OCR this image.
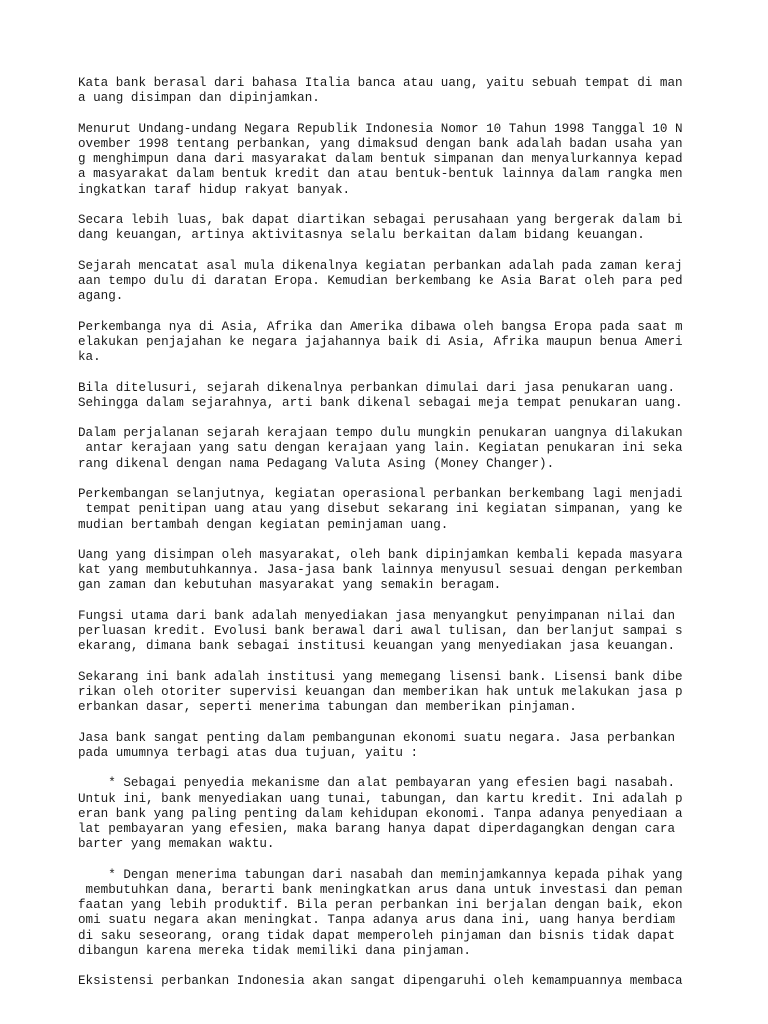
Kata bank berasal dari bahasa Italia banca atau uang, yaitu sebuah tempat di man
a uang disimpan dan dipinjamkan.

Menurut Undang-undang Negara Republik Indonesia Nomor 10 Tahun 1998 Tanggal 10 N
ovember 1998 tentang perbankan, yang dimaksud dengan bank adalah badan usaha yan
g menghimpun dana dari masyarakat dalam bentuk simpanan dan menyalurkannya kepad
a masyarakat dalam bentuk kredit dan atau bentuk-bentuk lainnya dalam rangka men
ingkatkan taraf hidup rakyat banyak.

Secara lebih luas, bak dapat diartikan sebagai perusahaan yang bergerak dalam bi
dang keuangan, artinya aktivitasnya selalu berkaitan dalam bidang keuangan.

Sejarah mencatat asal mula dikenalnya kegiatan perbankan adalah pada zaman keraj
aan tempo dulu di daratan Eropa. Kemudian berkembang ke Asia Barat oleh para ped
agang.

Perkembanga nya di Asia, Afrika dan Amerika dibawa oleh bangsa Eropa pada saat m
elakukan penjajahan ke negara jajahannya baik di Asia, Afrika maupun benua Ameri
ka.

Bila ditelusuri, sejarah dikenalnya perbankan dimulai dari jasa penukaran uang.
Sehingga dalam sejarahnya, arti bank dikenal sebagai meja tempat penukaran uang.

Dalam perjalanan sejarah kerajaan tempo dulu mungkin penukaran uangnya dilakukan
antar kerajaan yang satu dengan kerajaan yang lain. Kegiatan penukaran ini seka
rang dikenal dengan nama Pedagang Valuta Asing (Money Changer).

Perkembangan selanjutnya, kegiatan operasional perbankan berkembang lagi menjadi
tempat penitipan uang atau yang disebut sekarang ini kegiatan simpanan, yang ke
mudian bertambah dengan kegiatan peminjaman uang.

Uang yang disimpan oleh masyarakat, oleh bank dipinjamkan kembali kepada masyara
kat yang membutuhkannya. Jasa-jasa bank lainnya menyusul sesuai dengan perkemban
gan zaman dan kebutuhan masyarakat yang semakin beragam.

Fungsi utama dari bank adalah menyediakan jasa menyangkut penyimpanan nilai dan
perluasan kredit. Evolusi bank berawal dari awal tulisan, dan berlanjut sampai s
ekarang, dimana bank sebagai institusi keuangan yang menyediakan jasa keuangan.

Sekarang ini bank adalah institusi yang memegang lisensi bank. Lisensi bank dibe
rikan oleh otoriter supervisi keuangan dan memberikan hak untuk melakukan jasa p
erbankan dasar, seperti menerima tabungan dan memberikan pinjaman.

Jasa bank sangat penting dalam pembangunan ekonomi suatu negara. Jasa perbankan
pada umumnya terbagi atas dua tujuan, yaitu :

* Sebagai penyedia mekanisme dan alat pembayaran yang efesien bagi nasabah.
Untuk ini, bank menyediakan uang tunai, tabungan, dan kartu kredit. Ini adalah p
eran bank yang paling penting dalam kehidupan ekonomi. Tanpa adanya penyediaan a
lat pembayaran yang efesien, maka barang hanya dapat diperdagangkan dengan cara
barter yang memakan waktu.

* Dengan menerima tabungan dari nasabah dan meminjamkannya kepada pihak yang
membutuhkan dana, berarti bank meningkatkan arus dana untuk investasi dan peman
faatan yang lebih produktif. Bila peran perbankan ini berjalan dengan baik, ekon
omi suatu negara akan meningkat. Tanpa adanya arus dana ini, uang hanya berdiam
di saku seseorang, orang tidak dapat memperoleh pinjaman dan bisnis tidak dapat
dibangun karena mereka tidak memiliki dana pinjaman.

Eksistensi perbankan Indonesia akan sangat dipengaruhi oleh kemampuannya membaca
